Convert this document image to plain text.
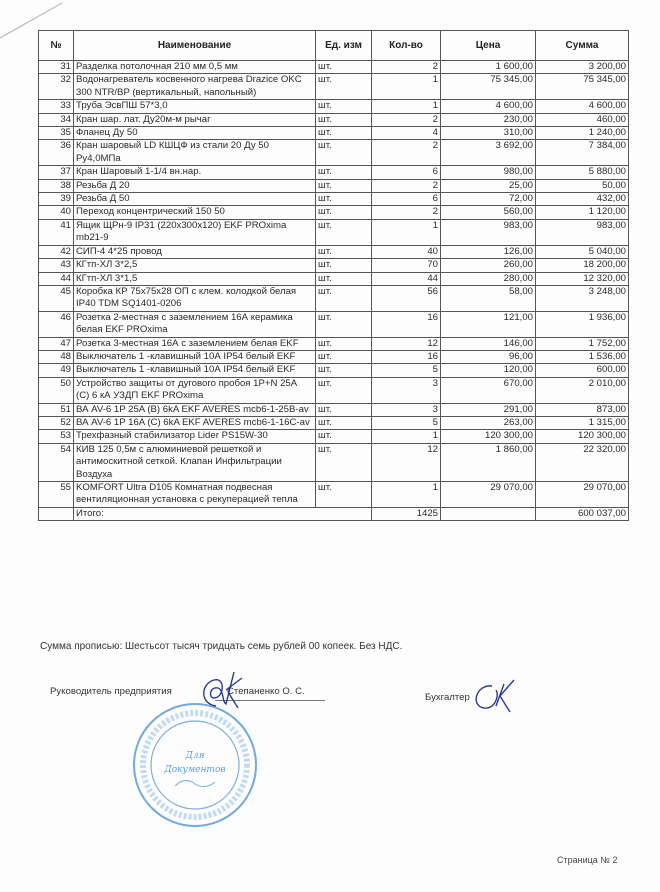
№	Наименование	Ед. изм	Кол-во	Цена	Сумма
31	Разделка потолочная 210 мм 0,5 мм	шт.	2	1 600,00	3 200,00
32	Водонагреватель косвенного нагрева Drazice OKC 300 NTR/BP (вертикальный, напольный)	шт.	1	75 345,00	75 345,00
33	Труба ЭсвПШ 57*3,0	шт.	1	4 600,00	4 600,00
34	Кран шар. лат. Ду20м-м рычаг	шт.	2	230,00	460,00
35	Фланец Ду 50	шт.	4	310,00	1 240,00
36	Кран шаровый LD КШЦФ из стали 20 Ду 50 Ру4,0МПа	шт.	2	3 692,00	7 384,00
37	Кран Шаровый 1-1/4 вн.нар.	шт.	6	980,00	5 880,00
38	Резьба Д 20	шт.	2	25,00	50,00
39	Резьба Д 50	шт.	6	72,00	432,00
40	Переход концентрический 150 50	шт.	2	560,00	1 120,00
41	Ящик ЩРн-9 IP31 (220x300x120) EKF PROxima mb21-9	шт.	1	983,00	983,00
42	СИП-4 4*25 провод	шт.	40	126,00	5 040,00
43	КГтп-ХЛ 3*2,5	шт.	70	260,00	18 200,00
44	КГтп-ХЛ 3*1,5	шт.	44	280,00	12 320,00
45	Коробка КР 75х75х28 ОП с клем. колодкой белая IP40 TDM SQ1401-0206	шт.	56	58,00	3 248,00
46	Розетка 2-местная с заземлением 16А керамика белая EKF PROxima	шт.	16	121,00	1 936,00
47	Розетка 3-местная 16А с заземлением белая EKF	шт.	12	146,00	1 752,00
48	Выключатель 1 -клавишный 10А IP54 белый EKF	шт.	16	96,00	1 536,00
49	Выключатель 1 -клавишный 10А IP54 белый EKF	шт.	5	120,00	600,00
50	Устройство защиты от дугового пробоя 1P+N 25А (С) 6 кА УЗДП EKF PROxima	шт.	3	670,00	2 010,00
51	ВА AV-6 1P 25A (B) 6kA EKF AVERES mcb6-1-25B-av	шт.	3	291,00	873,00
52	ВА AV-6 1P 16A (C) 6kA EKF AVERES mcb6-1-16C-av	шт.	5	263,00	1 315,00
53	Трехфазный стабилизатор Lider PS15W-30	шт.	1	120 300,00	120 300,00
54	КИВ 125 0,5м с алюминиевой решеткой и антимоскитной сеткой. Клапан Инфильтрации Воздуха	шт.	12	1 860,00	22 320,00
55	KOMFORT Ultra D105 Комнатная подвесная вентиляционная установка с рекуперацией тепла	шт.	1	29 070,00	29 070,00
	Итого:		1425		600 037,00
Сумма прописью: Шестьсот тысяч тридцать семь рублей 00 копеек. Без НДС.
Руководитель предприятия	Степаненко О. С.
Для
Документов
Бухгалтер
Страница № 2
